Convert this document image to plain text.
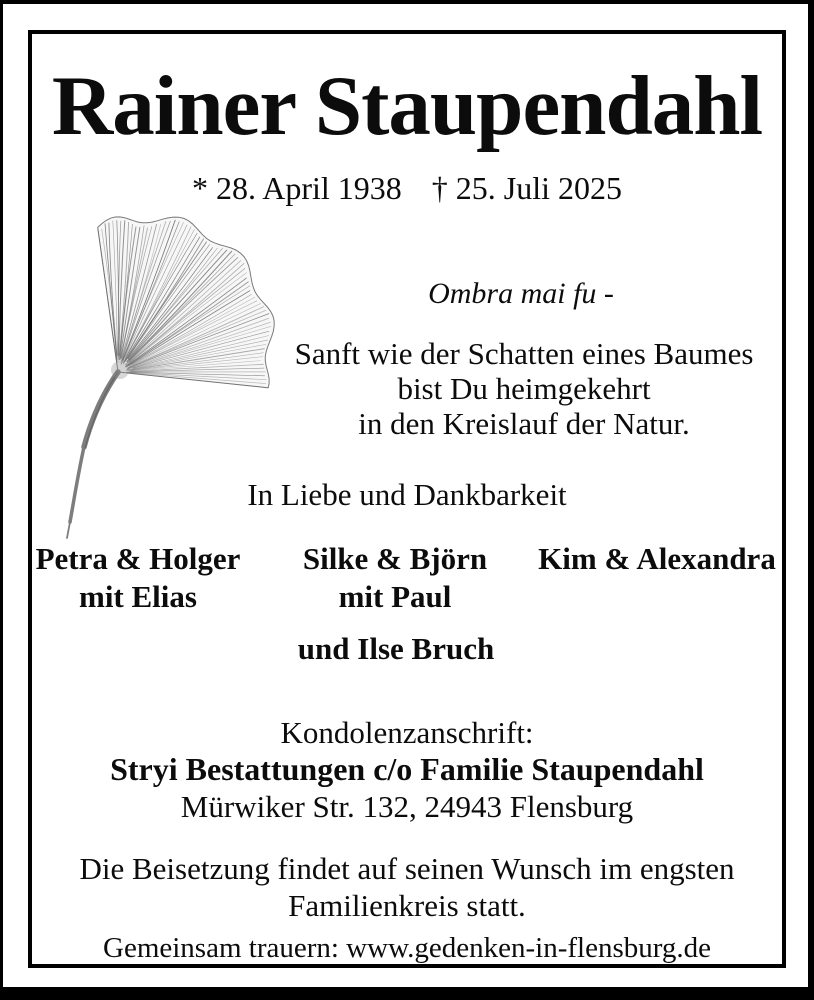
Rainer Staupendahl
* 28. April 1938 † 25. Juli 2025
Ombra mai fu -
Sanft wie der Schatten eines Baumes
bist Du heimgekehrt
in den Kreislauf der Natur.
In Liebe und Dankbarkeit
Petra & Holger
mit Elias
Silke & Björn
mit Paul
Kim & Alexandra
und Ilse Bruch
Kondolenzanschrift:
Stryi Bestattungen c/o Familie Staupendahl
Mürwiker Str. 132, 24943 Flensburg
Die Beisetzung findet auf seinen Wunsch im engsten
Familienkreis statt.
Gemeinsam trauern: www.gedenken-in-flensburg.de
